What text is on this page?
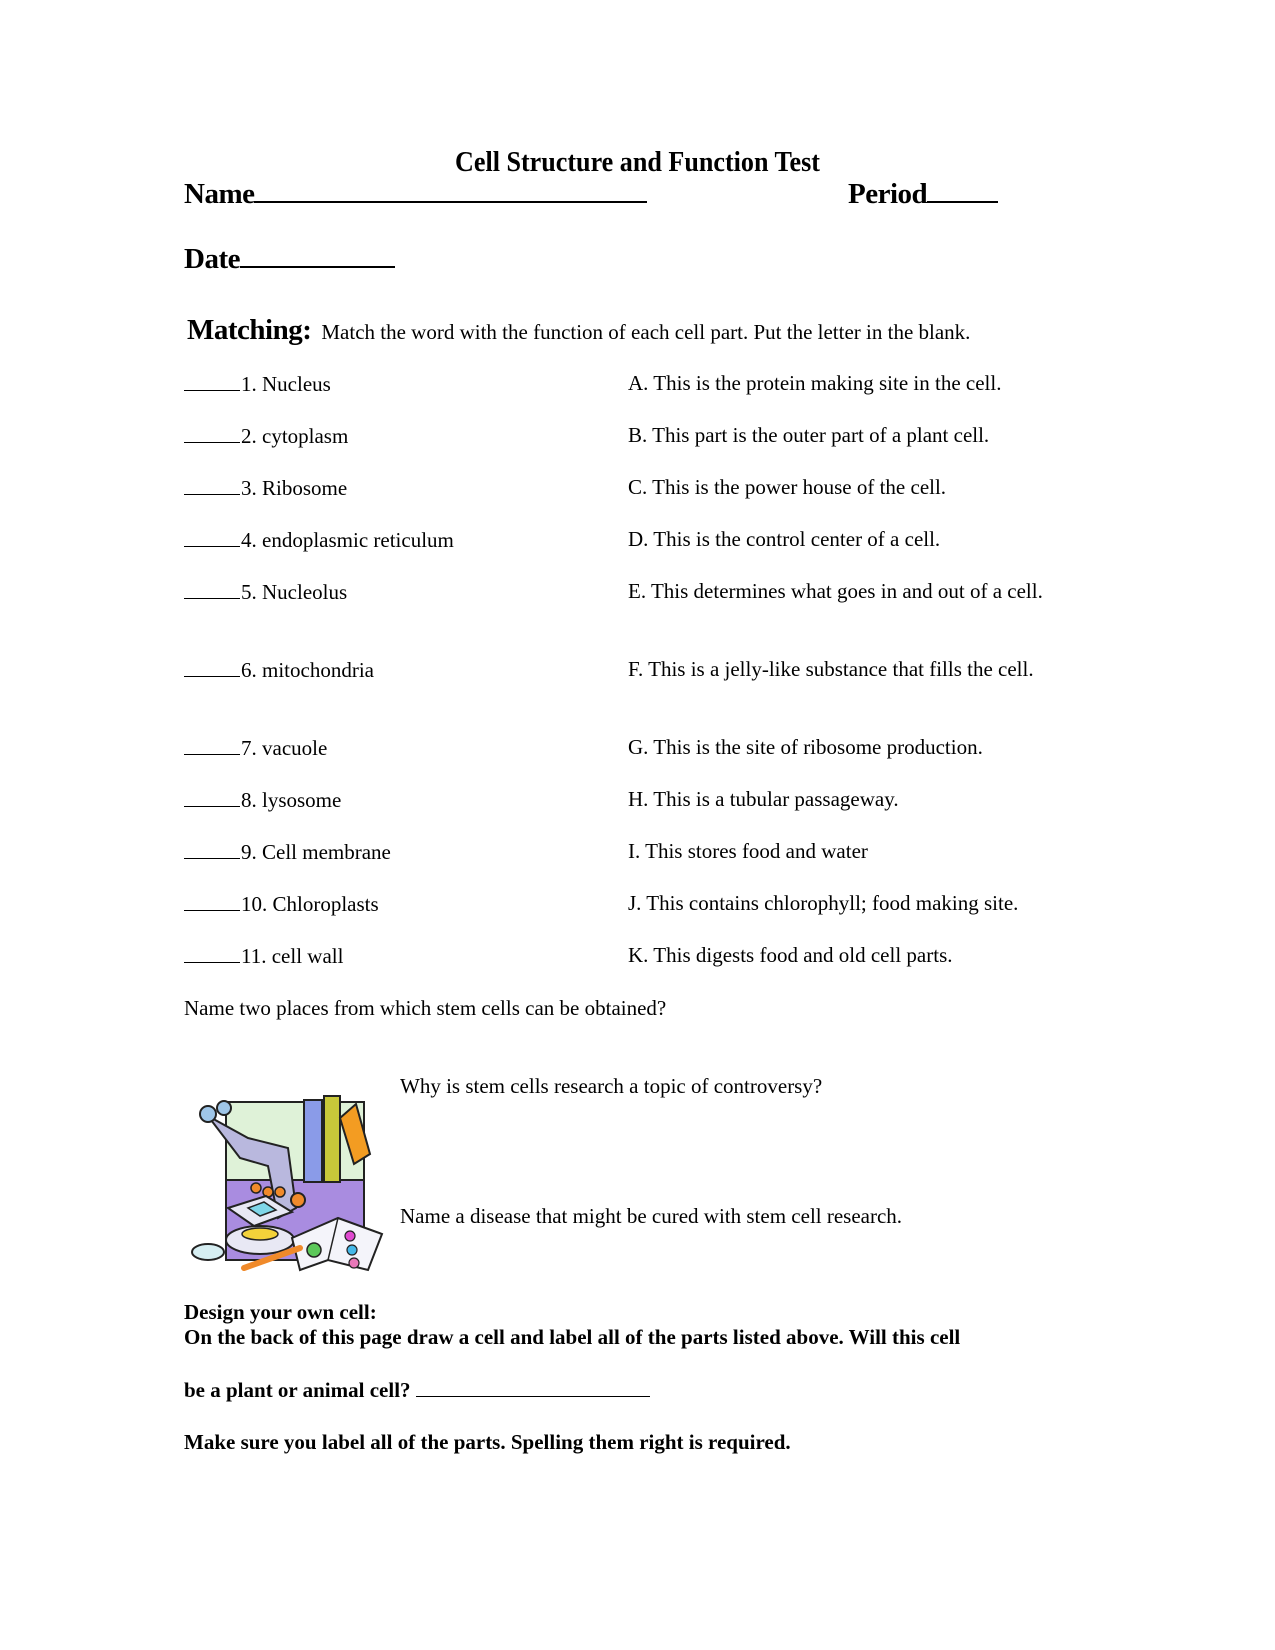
Cell Structure and Function Test
Name	Period
Date
Matching: Match the word with the function of each cell part. Put the letter in the blank.
1. Nucleus
2. cytoplasm
3. Ribosome
4. endoplasmic reticulum
5. Nucleolus
6. mitochondria
7. vacuole
8. lysosome
9. Cell membrane
10. Chloroplasts
11. cell wall
A. This is the protein making site in the cell.
B. This part is the outer part of a plant cell.
C. This is the power house of the cell.
D. This is the control center of a cell.
E. This determines what goes in and out of a cell.
F. This is a jelly-like substance that fills the cell.
G. This is the site of ribosome production.
H. This is a tubular passageway.
I. This stores food and water
J. This contains chlorophyll; food making site.
K. This digests food and old cell parts.
Name two places from which stem cells can be obtained?
Why is stem cells research a topic of controversy?
Name a disease that might be cured with stem cell research.
Design your own cell:
On the back of this page draw a cell and label all of the parts listed above. Will this cell
be a plant or animal cell?
Make sure you label all of the parts. Spelling them right is required.
